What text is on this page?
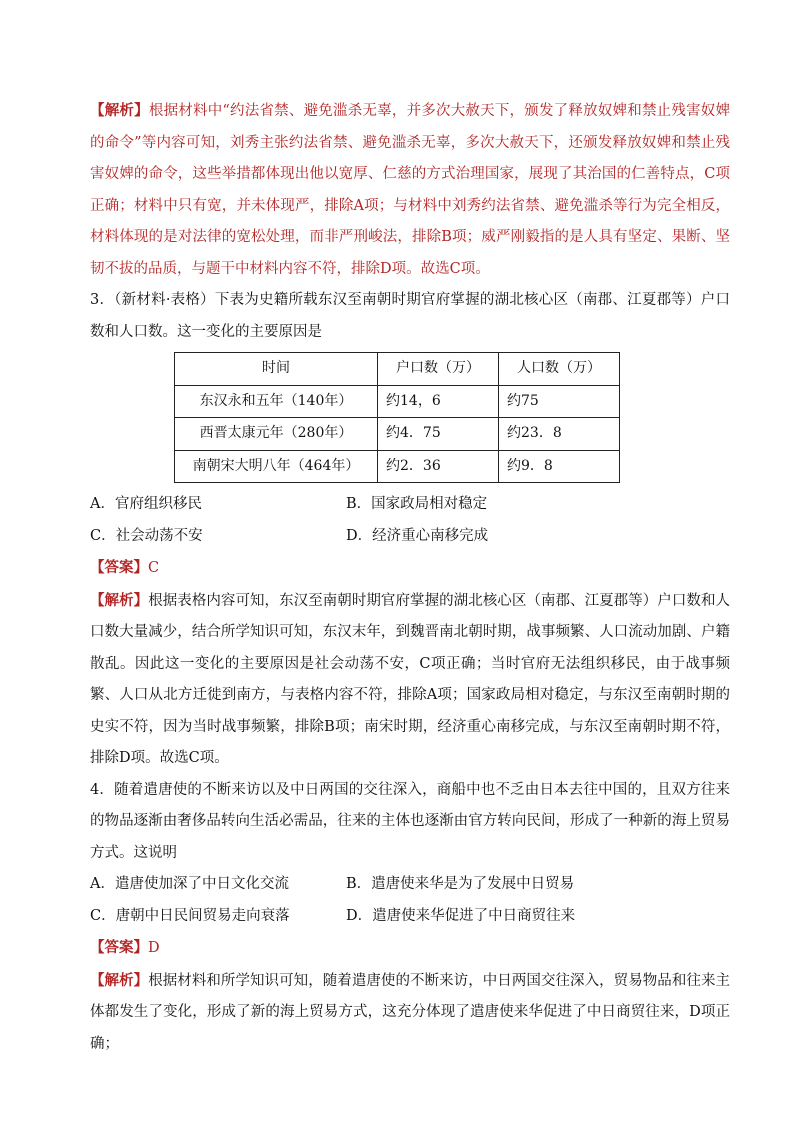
【解析】根据材料中“约法省禁、避免滥杀无辜，并多次大赦天下，颁发了释放奴婢和禁止残害奴婢的命令”等内容可知，刘秀主张约法省禁、避免滥杀无辜，多次大赦天下，还颁发释放奴婢和禁止残害奴婢的命令，这些举措都体现出他以宽厚、仁慈的方式治理国家，展现了其治国的仁善特点，C项正确；材料中只有宽，并未体现严，排除A项；与材料中刘秀约法省禁、避免滥杀等行为完全相反，材料体现的是对法律的宽松处理，而非严刑峻法，排除B项；威严刚毅指的是人具有坚定、果断、坚韧不拔的品质，与题干中材料内容不符，排除D项。故选C项。

3．（新材料·表格）下表为史籍所载东汉至南朝时期官府掌握的湖北核心区（南郡、江夏郡等）户口数和人口数。这一变化的主要原因是

时间	户口数（万）	人口数（万）
东汉永和五年（140年）	约14，6	约75
西晋太康元年（280年）	约4．75	约23．8
南朝宋大明八年（464年）	约2．36	约9．8
A．官府组织移民	B．国家政局相对稳定
C．社会动荡不安	D．经济重心南移完成

【答案】C

【解析】根据表格内容可知，东汉至南朝时期官府掌握的湖北核心区（南郡、江夏郡等）户口数和人口数大量减少，结合所学知识可知，东汉末年，到魏晋南北朝时期，战事频繁、人口流动加剧、户籍散乱。因此这一变化的主要原因是社会动荡不安，C项正确；当时官府无法组织移民，由于战事频繁、人口从北方迁徙到南方，与表格内容不符，排除A项；国家政局相对稳定，与东汉至南朝时期的史实不符，因为当时战事频繁，排除B项；南宋时期，经济重心南移完成，与东汉至南朝时期不符，排除D项。故选C项。

4．随着遣唐使的不断来访以及中日两国的交往深入，商船中也不乏由日本去往中国的，且双方往来的物品逐渐由奢侈品转向生活必需品，往来的主体也逐渐由官方转向民间，形成了一种新的海上贸易方式。这说明

A．遣唐使加深了中日文化交流	B．遣唐使来华是为了发展中日贸易
C．唐朝中日民间贸易走向衰落	D．遣唐使来华促进了中日商贸往来

【答案】D

【解析】根据材料和所学知识可知，随着遣唐使的不断来访，中日两国交往深入，贸易物品和往来主体都发生了变化，形成了新的海上贸易方式，这充分体现了遣唐使来华促进了中日商贸往来，D项正确；
